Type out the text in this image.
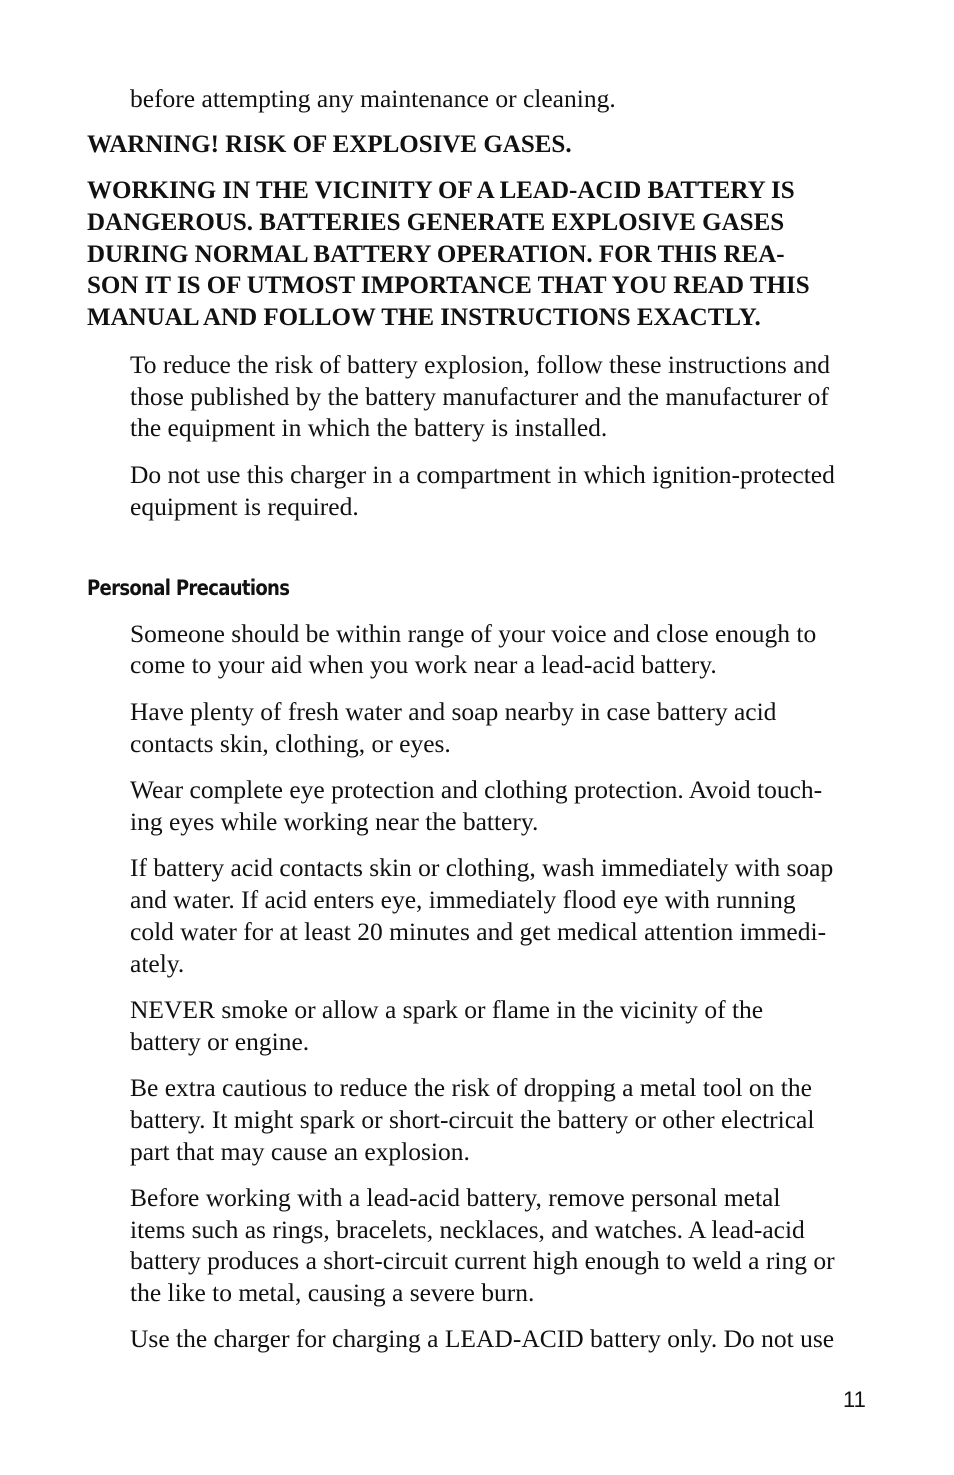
before attempting any maintenance or cleaning.

WARNING! RISK OF EXPLOSIVE GASES.

WORKING IN THE VICINITY OF A LEAD-ACID BATTERY IS

DANGEROUS. BATTERIES GENERATE EXPLOSIVE GASES

DURING NORMAL BATTERY OPERATION. FOR THIS REA-

SON IT IS OF UTMOST IMPORTANCE THAT YOU READ THIS

MANUAL AND FOLLOW THE INSTRUCTIONS EXACTLY.

To reduce the risk of battery explosion, follow these instructions and

those published by the battery manufacturer and the manufacturer of

the equipment in which the battery is installed.

Do not use this charger in a compartment in which ignition-protected

equipment is required.

Personal Precautions

Someone should be within range of your voice and close enough to

come to your aid when you work near a lead-acid battery.

Have plenty of fresh water and soap nearby in case battery acid

contacts skin, clothing, or eyes.

Wear complete eye protection and clothing protection. Avoid touch-

ing eyes while working near the battery.

If battery acid contacts skin or clothing, wash immediately with soap

and water. If acid enters eye, immediately flood eye with running

cold water for at least 20 minutes and get medical attention immedi-

ately.

NEVER smoke or allow a spark or flame in the vicinity of the

battery or engine.

Be extra cautious to reduce the risk of dropping a metal tool on the

battery. It might spark or short-circuit the battery or other electrical

part that may cause an explosion.

Before working with a lead-acid battery, remove personal metal

items such as rings, bracelets, necklaces, and watches. A lead-acid

battery produces a short-circuit current high enough to weld a ring or

the like to metal, causing a severe burn.

Use the charger for charging a LEAD-ACID battery only. Do not use

11
